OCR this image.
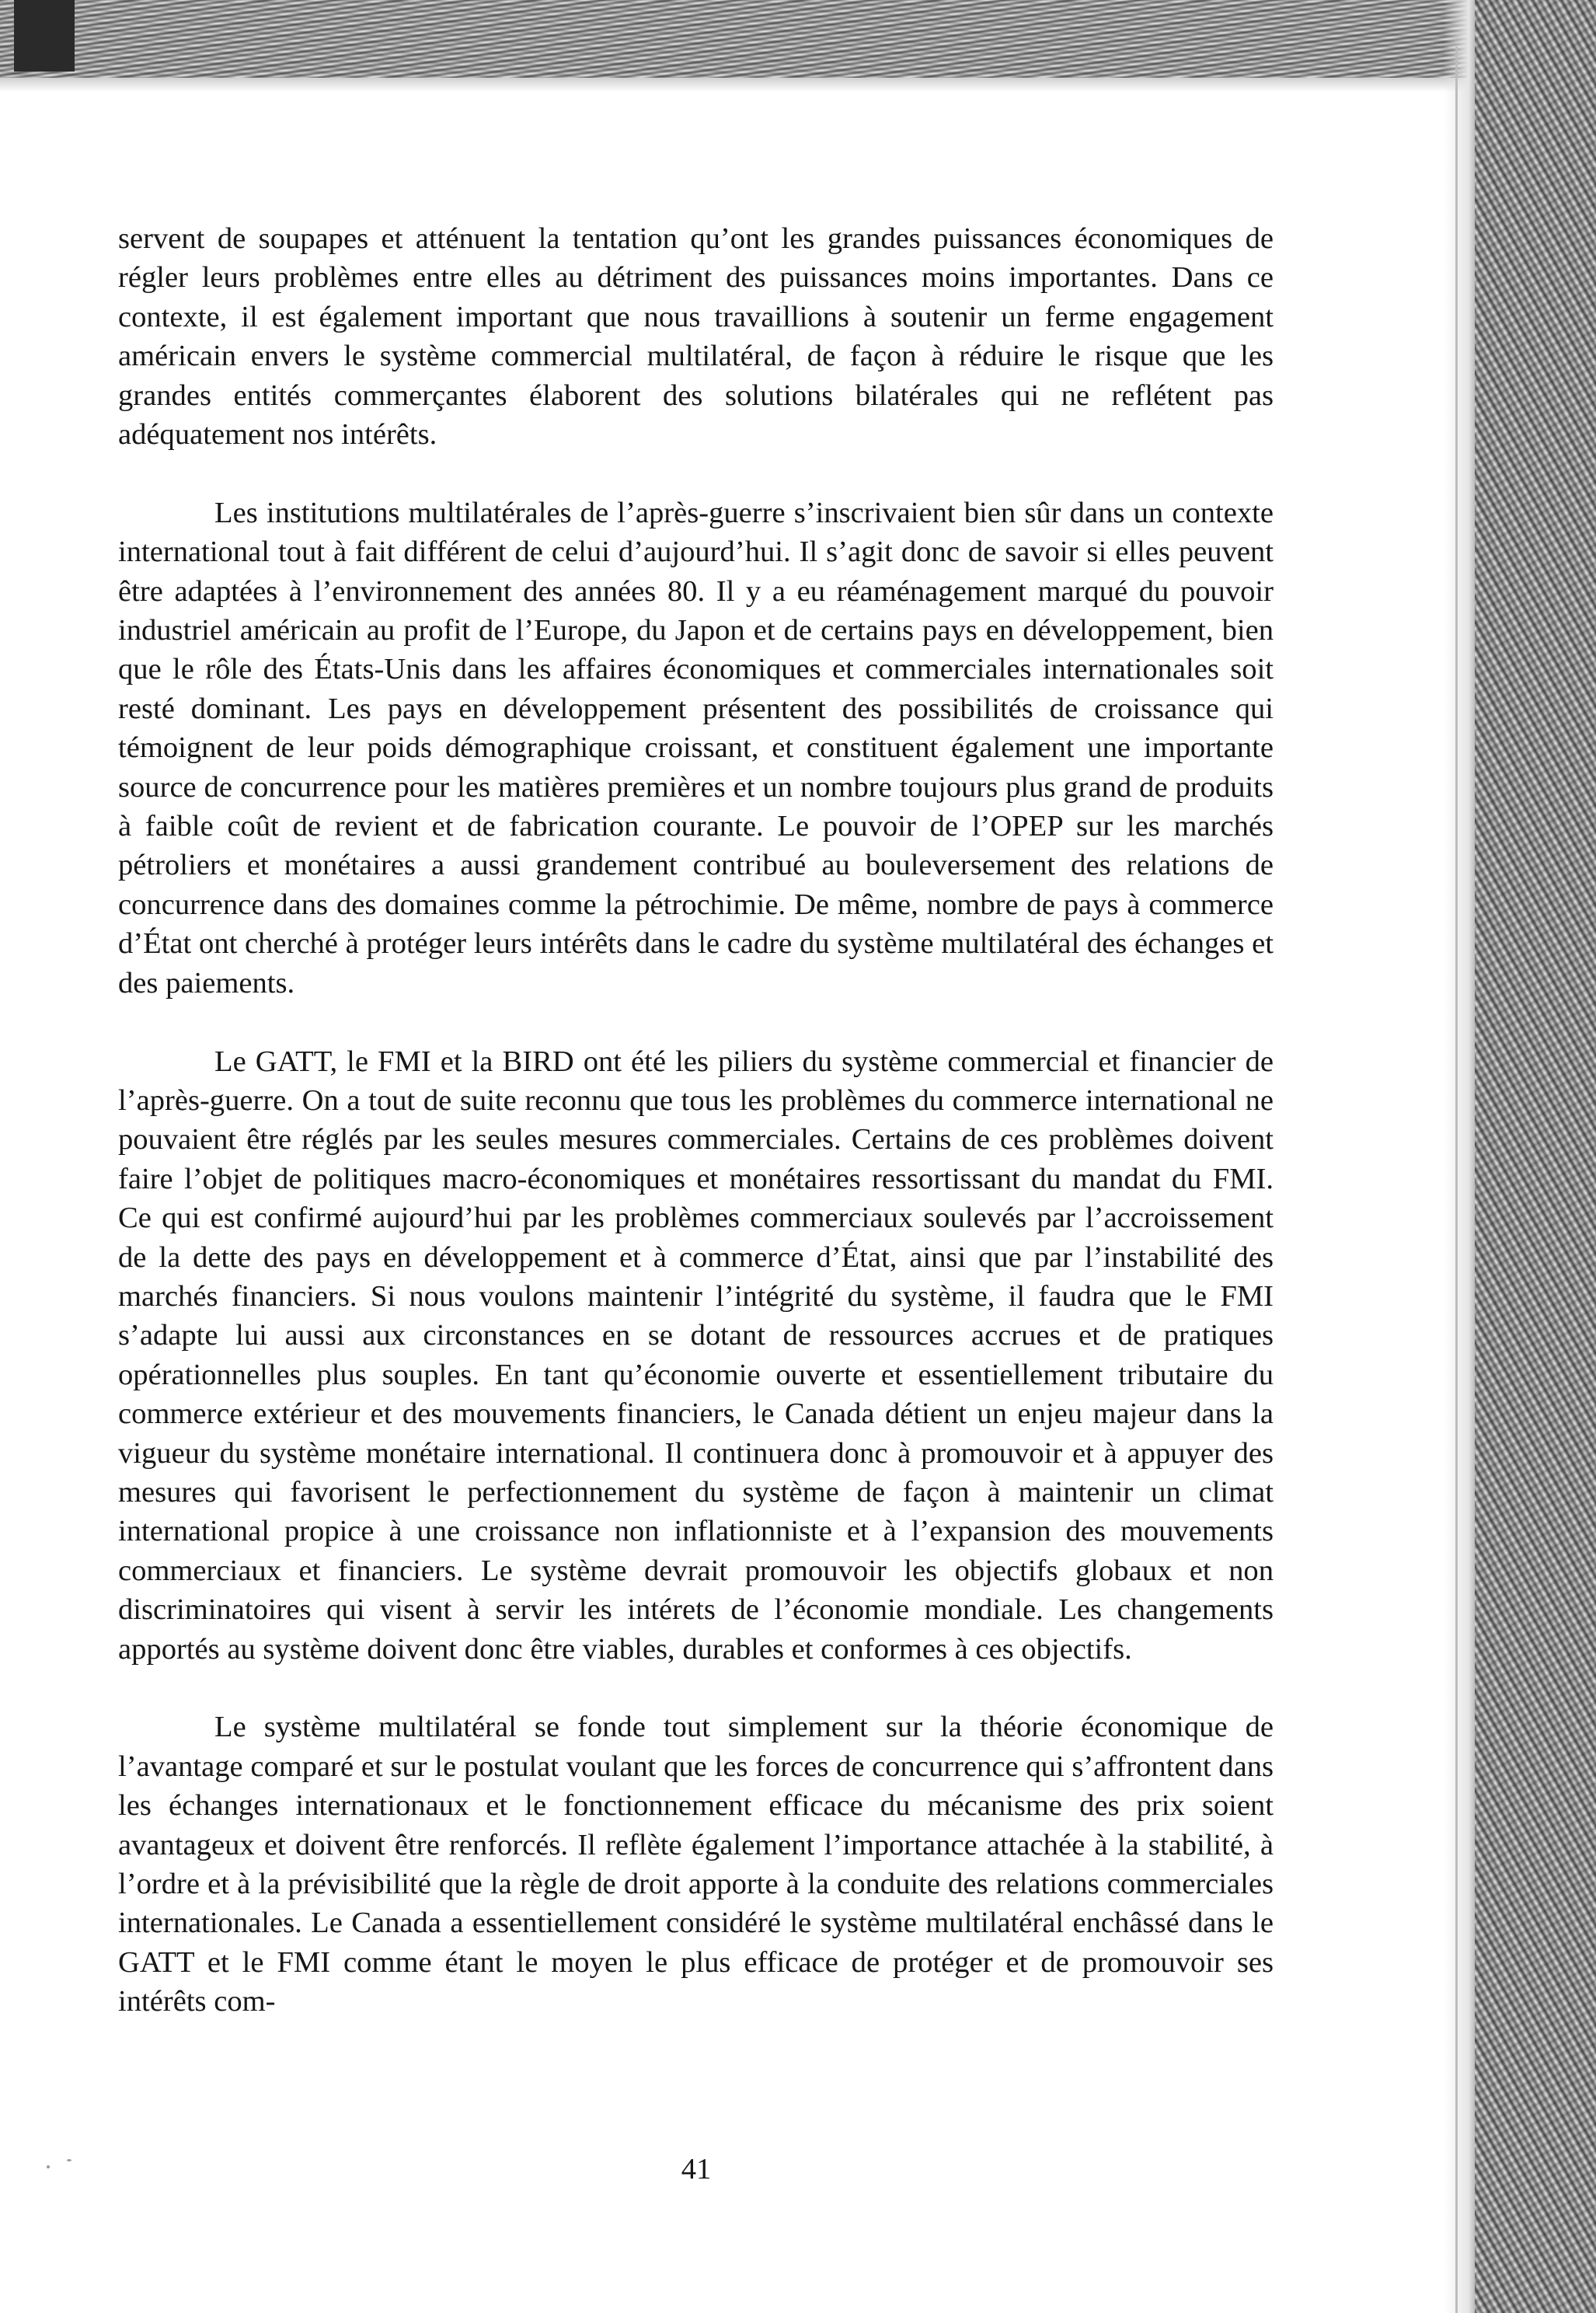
servent de soupapes et atténuent la tentation qu’ont les grandes puissances économiques de régler leurs problèmes entre elles au détriment des puissances moins importantes. Dans ce contexte, il est également important que nous travaillions à soutenir un ferme engagement américain envers le système commercial multilatéral, de façon à réduire le risque que les grandes entités commerçantes élaborent des solutions bilatérales qui ne reflétent pas adéquatement nos intérêts.

Les institutions multilatérales de l’après-guerre s’inscrivaient bien sûr dans un contexte international tout à fait différent de celui d’aujourd’hui. Il s’agit donc de savoir si elles peuvent être adaptées à l’environnement des années 80. Il y a eu réaménagement marqué du pouvoir industriel américain au profit de l’Europe, du Japon et de certains pays en développement, bien que le rôle des États-Unis dans les affaires économiques et commerciales internationales soit resté dominant. Les pays en développement présentent des possibilités de croissance qui témoignent de leur poids démographique croissant, et constituent également une importante source de concurrence pour les matières premières et un nombre toujours plus grand de produits à faible coût de revient et de fabrication courante. Le pouvoir de l’OPEP sur les marchés pétroliers et monétaires a aussi grandement contribué au bouleversement des relations de concurrence dans des domaines comme la pétrochimie. De même, nombre de pays à commerce d’État ont cherché à protéger leurs intérêts dans le cadre du système multilatéral des échanges et des paiements.

Le GATT, le FMI et la BIRD ont été les piliers du système commercial et financier de l’après-guerre. On a tout de suite reconnu que tous les problèmes du commerce international ne pouvaient être réglés par les seules mesures commerciales. Certains de ces problèmes doivent faire l’objet de politiques macro-économiques et monétaires ressortissant du mandat du FMI. Ce qui est confirmé aujourd’hui par les problèmes commerciaux soulevés par l’accroissement de la dette des pays en développement et à commerce d’État, ainsi que par l’instabilité des marchés financiers. Si nous voulons maintenir l’intégrité du système, il faudra que le FMI s’adapte lui aussi aux circonstances en se dotant de ressources accrues et de pratiques opérationnelles plus souples. En tant qu’économie ouverte et essentiellement tributaire du commerce extérieur et des mouvements financiers, le Canada détient un enjeu majeur dans la vigueur du système monétaire international. Il continuera donc à promouvoir et à appuyer des mesures qui favorisent le perfectionnement du système de façon à maintenir un climat international propice à une croissance non inflationniste et à l’expansion des mouvements commerciaux et financiers. Le système devrait promouvoir les objectifs globaux et non discriminatoires qui visent à servir les intérets de l’économie mondiale. Les changements apportés au système doivent donc être viables, durables et conformes à ces objectifs.

Le système multilatéral se fonde tout simplement sur la théorie économique de l’avantage comparé et sur le postulat voulant que les forces de concurrence qui s’affrontent dans les échanges internationaux et le fonctionnement efficace du mécanisme des prix soient avantageux et doivent être renforcés. Il reflète également l’importance attachée à la stabilité, à l’ordre et à la prévisibilité que la règle de droit apporte à la conduite des relations commerciales internationales. Le Canada a essentiellement considéré le système multilatéral enchâssé dans le GATT et le FMI comme étant le moyen le plus efficace de protéger et de promouvoir ses intérêts com-

41
